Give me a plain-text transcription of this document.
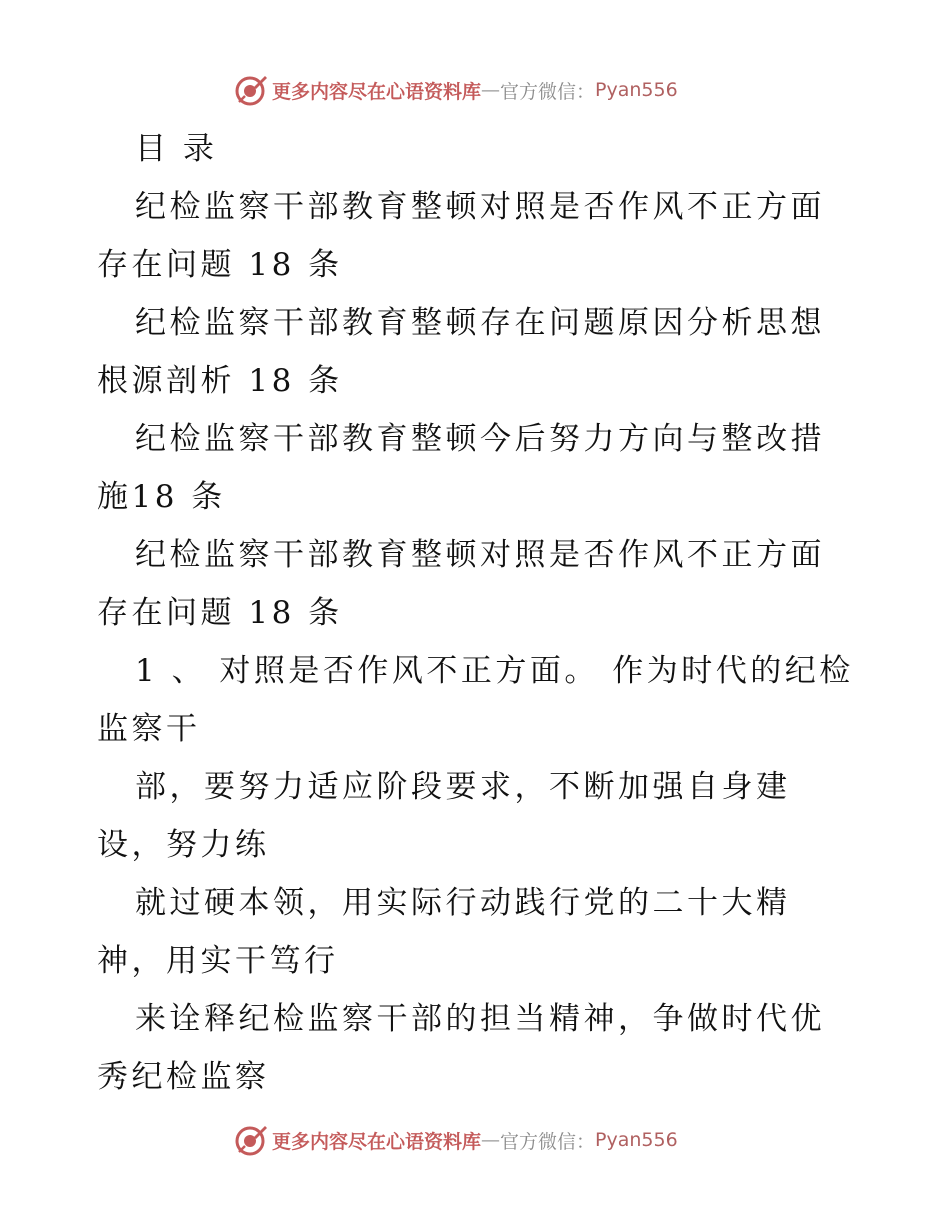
更多内容尽在心语资料库 — 官方微信： Pyan556

目 录

纪检监察干部教育整顿对照是否作风不正方面存在问题 18 条

纪检监察干部教育整顿存在问题原因分析思想根源剖析 18 条

纪检监察干部教育整顿今后努力方向与整改措施18 条

纪检监察干部教育整顿对照是否作风不正方面存在问题 18 条

1 、 对照是否作风不正方面。 作为时代的纪检监察干

部，要努力适应阶段要求，不断加强自身建设，努力练

就过硬本领，用实际行动践行党的二十大精神，用实干笃行

来诠释纪检监察干部的担当精神，争做时代优秀纪检监察

更多内容尽在心语资料库 — 官方微信： Pyan556
